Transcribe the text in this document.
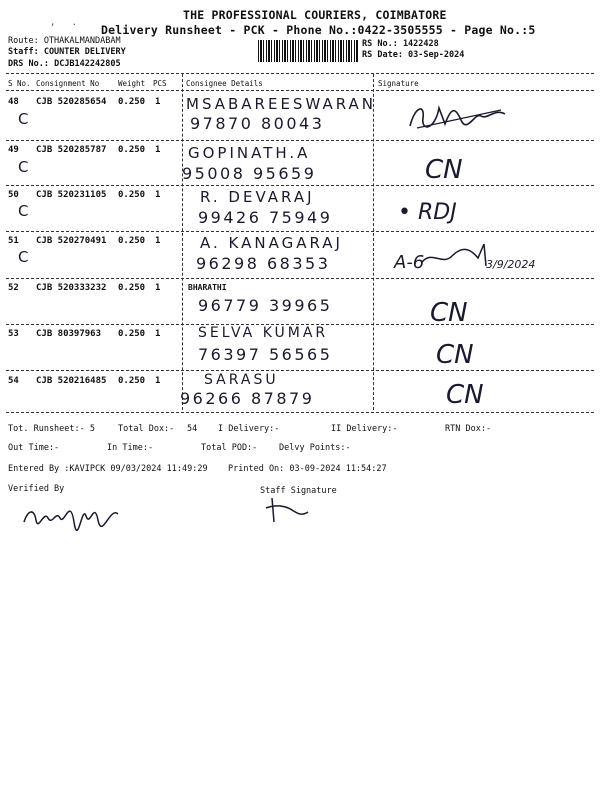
THE PROFESSIONAL COURIERS, COIMBATORE
,   . Delivery Runsheet - PCK - Phone No.:0422-3505555 - Page No.:5
Route: OTHAKALMANDABAM
Staff: COUNTER DELIVERY
DRS No.: DCJB142242805
RS No.: 1422428
RS Date: 03-Sep-2024
S No. Consignment No	Weight PCS	Consignee Details	Signature
48 CJB 520285654 0.250 1
C
MSABAREESWARAN
97870 80043
49 CJB 520285787 0.250 1
C
GOPINATH.A
95008 95659	CN
50 CJB 520231105 0.250 1
C
R. DEVARAJ
99426 75949	• RDJ
51 CJB 520270491 0.250 1
C
A. KANAGARAJ
96298 68353	A-6	3/9/2024
52 CJB 520333232 0.250 1	BHARATHI
96779 39965	CN
53 CJB 80397963 0.250 1	SELVA KUMAR
76397 56565	CN
54 CJB 520216485 0.250 1	SARASU
96266 87879	CN
Tot. Runsheet:- 5	Total Dox:- 54 I Delivery:-	II Delivery:-	RTN Dox:-
Out Time:-	In Time:-	Total POD:-	Delvy Points:-
Entered By :KAVIPCK 09/03/2024 11:49:29 Printed On: 03-09-2024 11:54:27
Verified By	Staff Signature
